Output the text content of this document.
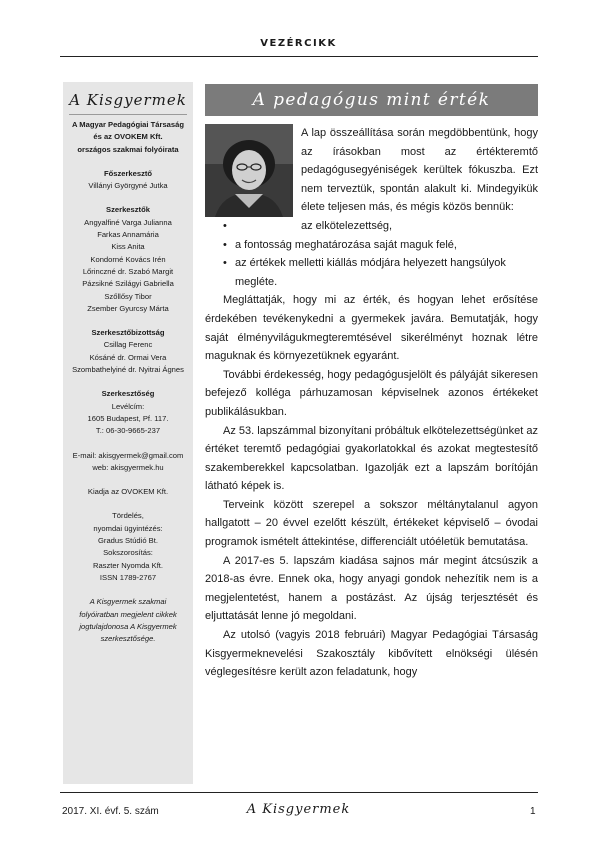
VEZÉRCIKK
A Kisgyermek
A Magyar Pedagógiai Társaság
és az OVOKEM Kft.
országos szakmai folyóirata
Főszerkesztő
Villányi Györgyné Jutka
Szerkesztők
Angyalfiné Varga Julianna
Farkas Annamária
Kiss Anita
Kondorné Kovács Irén
Lőrinczné dr. Szabó Margit
Pázsikné Szilágyi Gabriella
Szőllősy Tibor
Zsember Gyurcsy Márta
Szerkesztőbizottság
Csillag Ferenc
Kósáné dr. Ormai Vera
Szombathelyiné dr. Nyitrai Ágnes
Szerkesztőség
Levélcím:
1605 Budapest, Pf. 117.
T.: 06-30-9665-237
E-mail: akisgyermek@gmail.com
web: akisgyermek.hu
Kiadja az OVOKEM Kft.
Tördelés,
nyomdai ügyintézés:
Gradus Stúdió Bt.
Sokszorosítás:
Raszter Nyomda Kft.
ISSN 1789-2767
A Kisgyermek szakmai
folyóiratban megjelent cikkek
jogtulajdonosa A Kisgyermek
szerkesztősége.
A pedagógus mint érték

A lap összeállítása során megdöbbentünk, hogy az írásokban most az értékteremtő pedagógusegyéniségek kerültek fókuszba. Ezt nem terveztük, spontán alakult ki. Mindegyikük élete teljesen más, és mégis közös bennük:

• az elkötelezettség,
• a fontosság meghatározása saját maguk felé,
• az értékek melletti kiállás módjára helyezett hangsúlyok megléte.

Megláttatják, hogy mi az érték, és hogyan lehet erősítése érdekében tevékenykedni a gyermekek javára. Bemutatják, hogy saját élményvilágukmegteremtésével sikerélményt hoznak létre maguknak és környezetüknek egyaránt.

További érdekesség, hogy pedagógusjelölt és pályáját sikeresen befejező kolléga párhuzamosan képviselnek azonos értékeket publikálásukban.

Az 53. lapszámmal bizonyítani próbáltuk elkötelezettségünket az értéket teremtő pedagógiai gyakorlatokkal és azokat megtestesítő szakemberekkel kapcsolatban. Igazolják ezt a lapszám borítóján látható képek is.

Terveink között szerepel a sokszor méltánytalanul agyon hallgatott – 20 évvel ezelőtt készült, értékeket képviselő – óvodai programok ismételt áttekintése, differenciált utóéletük bemutatása.

A 2017-es 5. lapszám kiadása sajnos már megint átcsúszik a 2018-as évre. Ennek oka, hogy anyagi gondok nehezítik nem is a megjelentetést, hanem a postázást. Az újság terjesztését és eljuttatását lenne jó megoldani.

Az utolsó (vagyis 2018 februári) Magyar Pedagógiai Társaság Kisgyermeknevelési Szakosztály kibővített elnökségi ülésén véglegesítésre került azon feladatunk, hogy

2017. XI. évf. 5. szám	A Kisgyermek	1
